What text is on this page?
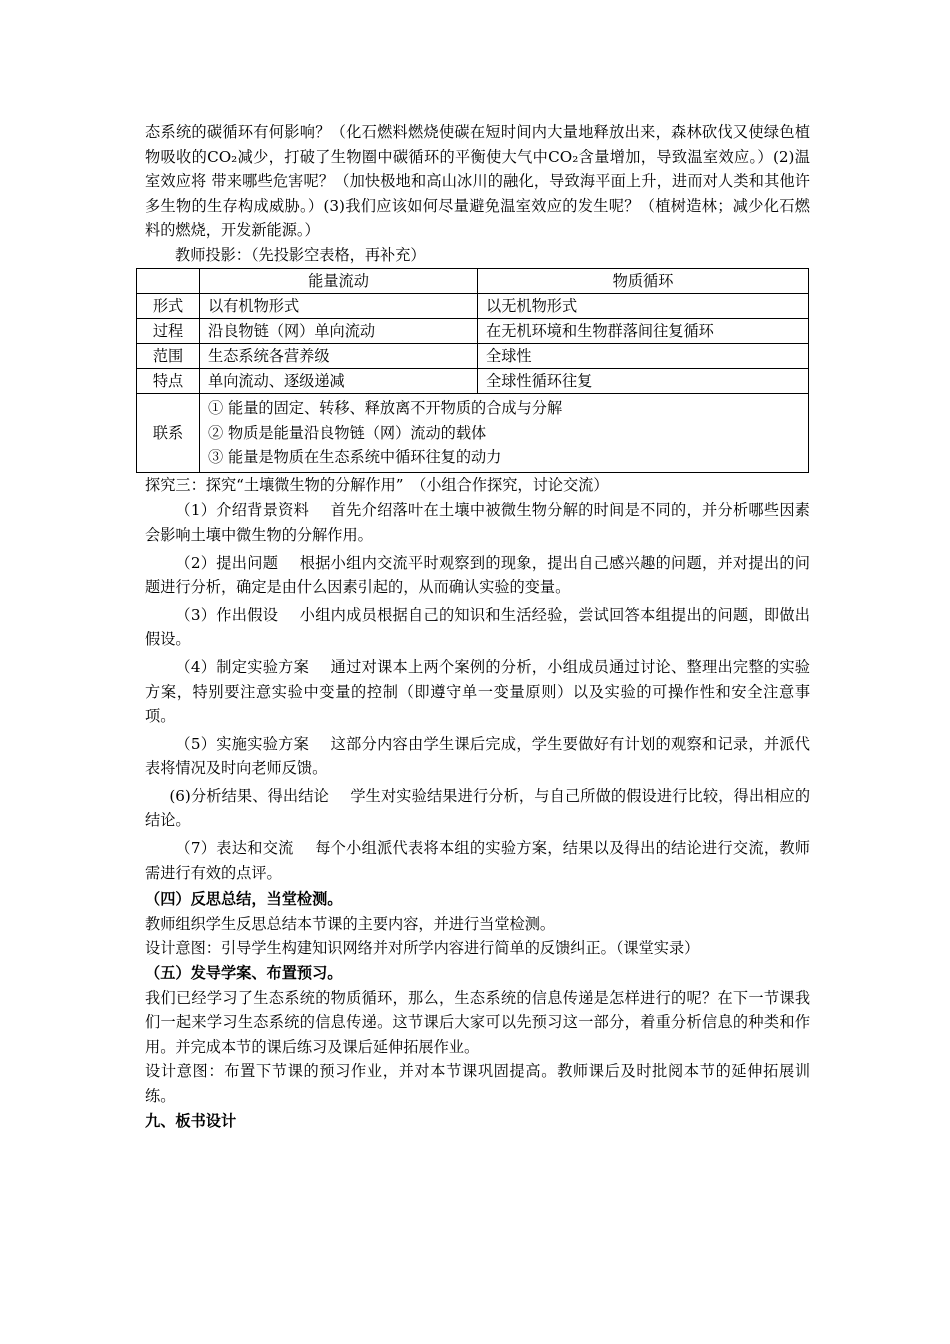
态系统的碳循环有何影响？（化石燃料燃烧使碳在短时间内大量地释放出来，森林砍伐又使绿色植物吸收的CO₂减少，打破了生物圈中碳循环的平衡使大气中CO₂含量增加，导致温室效应。）(2)温室效应将 带来哪些危害呢？（加快极地和高山冰川的融化，导致海平面上升，进而对人类和其他许多生物的生存构成威胁。）(3)我们应该如何尽量避免温室效应的发生呢？（植树造林；减少化石燃料的燃烧，开发新能源。）

教师投影：（先投影空表格，再补充）

	能量流动	物质循环
形式	以有机物形式	以无机物形式
过程	沿良物链（网）单向流动	在无机环境和生物群落间往复循环
范围	生态系统各营养级	全球性
特点	单向流动、逐级递减	全球性循环往复
联系	① 能量的固定、转移、释放离不开物质的合成与分解
② 物质是能量沿良物链（网）流动的载体
③ 能量是物质在生态系统中循环往复的动力	

探究三：探究“土壤微生物的分解作用”　（小组合作探究，讨论交流）

（1）介绍背景资料 首先介绍落叶在土壤中被微生物分解的时间是不同的，并分析哪些因素会影响土壤中微生物的分解作用。

（2）提出问题 根据小组内交流平时观察到的现象，提出自己感兴趣的问题，并对提出的问题进行分析，确定是由什么因素引起的，从而确认实验的变量。

（3）作出假设 小组内成员根据自己的知识和生活经验，尝试回答本组提出的问题，即做出假设。

（4）制定实验方案 通过对课本上两个案例的分析，小组成员通过讨论、整理出完整的实验方案，特别要注意实验中变量的控制（即遵守单一变量原则）以及实验的可操作性和安全注意事项。

（5）实施实验方案 这部分内容由学生课后完成，学生要做好有计划的观察和记录，并派代表将情况及时向老师反馈。

(6)分析结果、得出结论 学生对实验结果进行分析，与自己所做的假设进行比较，得出相应的结论。

（7）表达和交流 每个小组派代表将本组的实验方案，结果以及得出的结论进行交流，教师需进行有效的点评。

（四）反思总结，当堂检测。

教师组织学生反思总结本节课的主要内容，并进行当堂检测。

设计意图：引导学生构建知识网络并对所学内容进行简单的反馈纠正。（课堂实录）

（五）发导学案、布置预习。

我们已经学习了生态系统的物质循环，那么，生态系统的信息传递是怎样进行的呢？在下一节课我们一起来学习生态系统的信息传递。这节课后大家可以先预习这一部分，着重分析信息的种类和作用。并完成本节的课后练习及课后延伸拓展作业。

设计意图：布置下节课的预习作业，并对本节课巩固提高。教师课后及时批阅本节的延伸拓展训练。

九、板书设计
